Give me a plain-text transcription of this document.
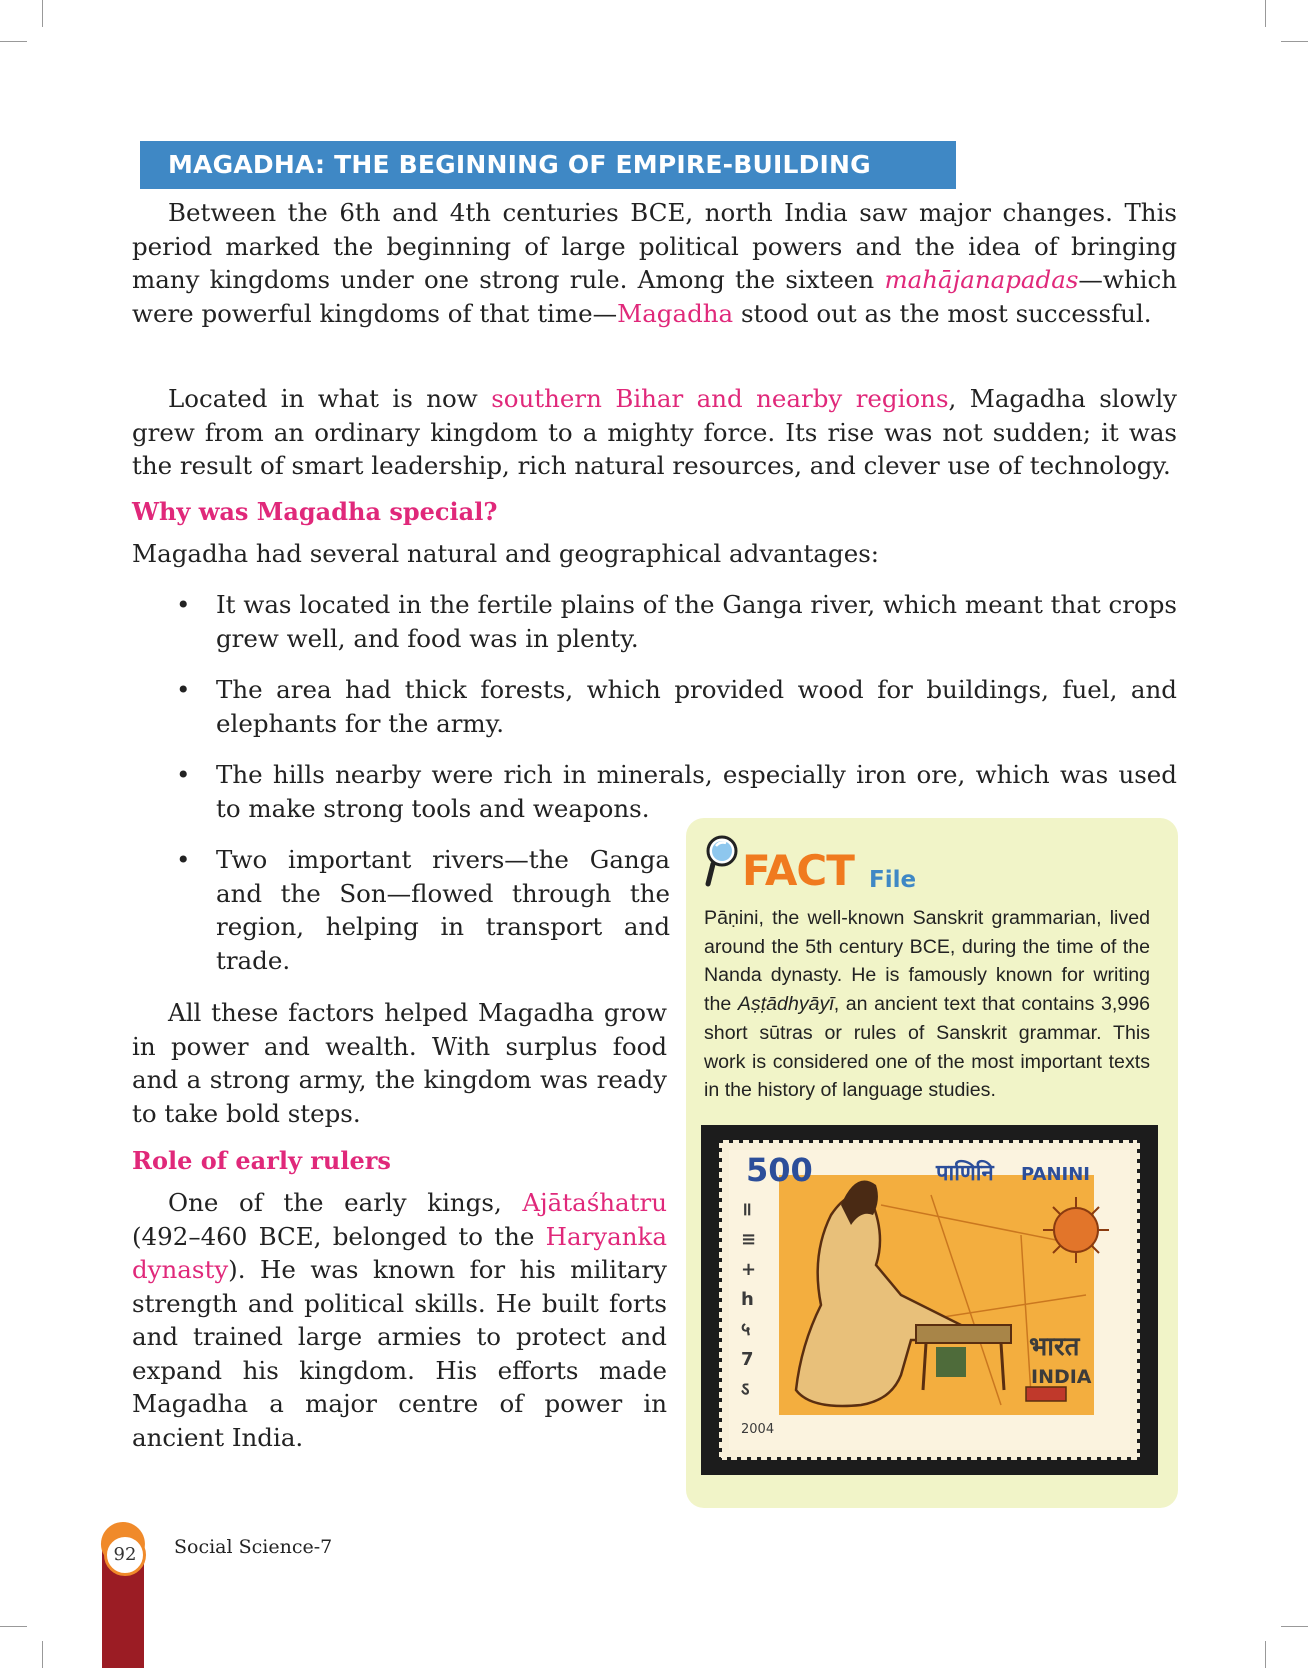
MAGADHA: THE BEGINNING OF EMPIRE-BUILDING

Between the 6th and 4th centuries BCE, north India saw major changes. This period marked the beginning of large political powers and the idea of bringing many kingdoms under one strong rule. Among the sixteen mahājanapadas—which were powerful kingdoms of that time—Magadha stood out as the most successful.

Located in what is now southern Bihar and nearby regions, Magadha slowly grew from an ordinary kingdom to a mighty force. Its rise was not sudden; it was the result of smart leadership, rich natural resources, and clever use of technology.

Why was Magadha special?

Magadha had several natural and geographical advantages:

• It was located in the fertile plains of the Ganga river, which meant that crops grew well, and food was in plenty.
• The area had thick forests, which provided wood for buildings, fuel, and elephants for the army.
• The hills nearby were rich in minerals, especially iron ore, which was used to make strong tools and weapons.
• Two important rivers—the Ganga and the Son—flowed through the region, helping in transport and trade.

All these factors helped Magadha grow in power and wealth. With surplus food and a strong army, the kingdom was ready to take bold steps.

Role of early rulers

One of the early kings, Ajātaśhatru (492–460 BCE, belonged to the Haryanka dynasty). He was known for his military strength and political skills. He built forts and trained large armies to protect and expand his kingdom. His efforts made Magadha a major centre of power in ancient India.

FACT File

Pāṇini, the well-known Sanskrit grammarian, lived around the 5th century BCE, during the time of the Nanda dynasty. He is famously known for writing the Aṣṭādhyāyī, an ancient text that contains 3,996 short sūtras or rules of Sanskrit grammar. This work is considered one of the most important texts in the history of language studies.

॥
≡
+
h
५
7
ऽ
500	पाणिनि PANINI
भारत
INDIA
2004
92	Social Science-7
